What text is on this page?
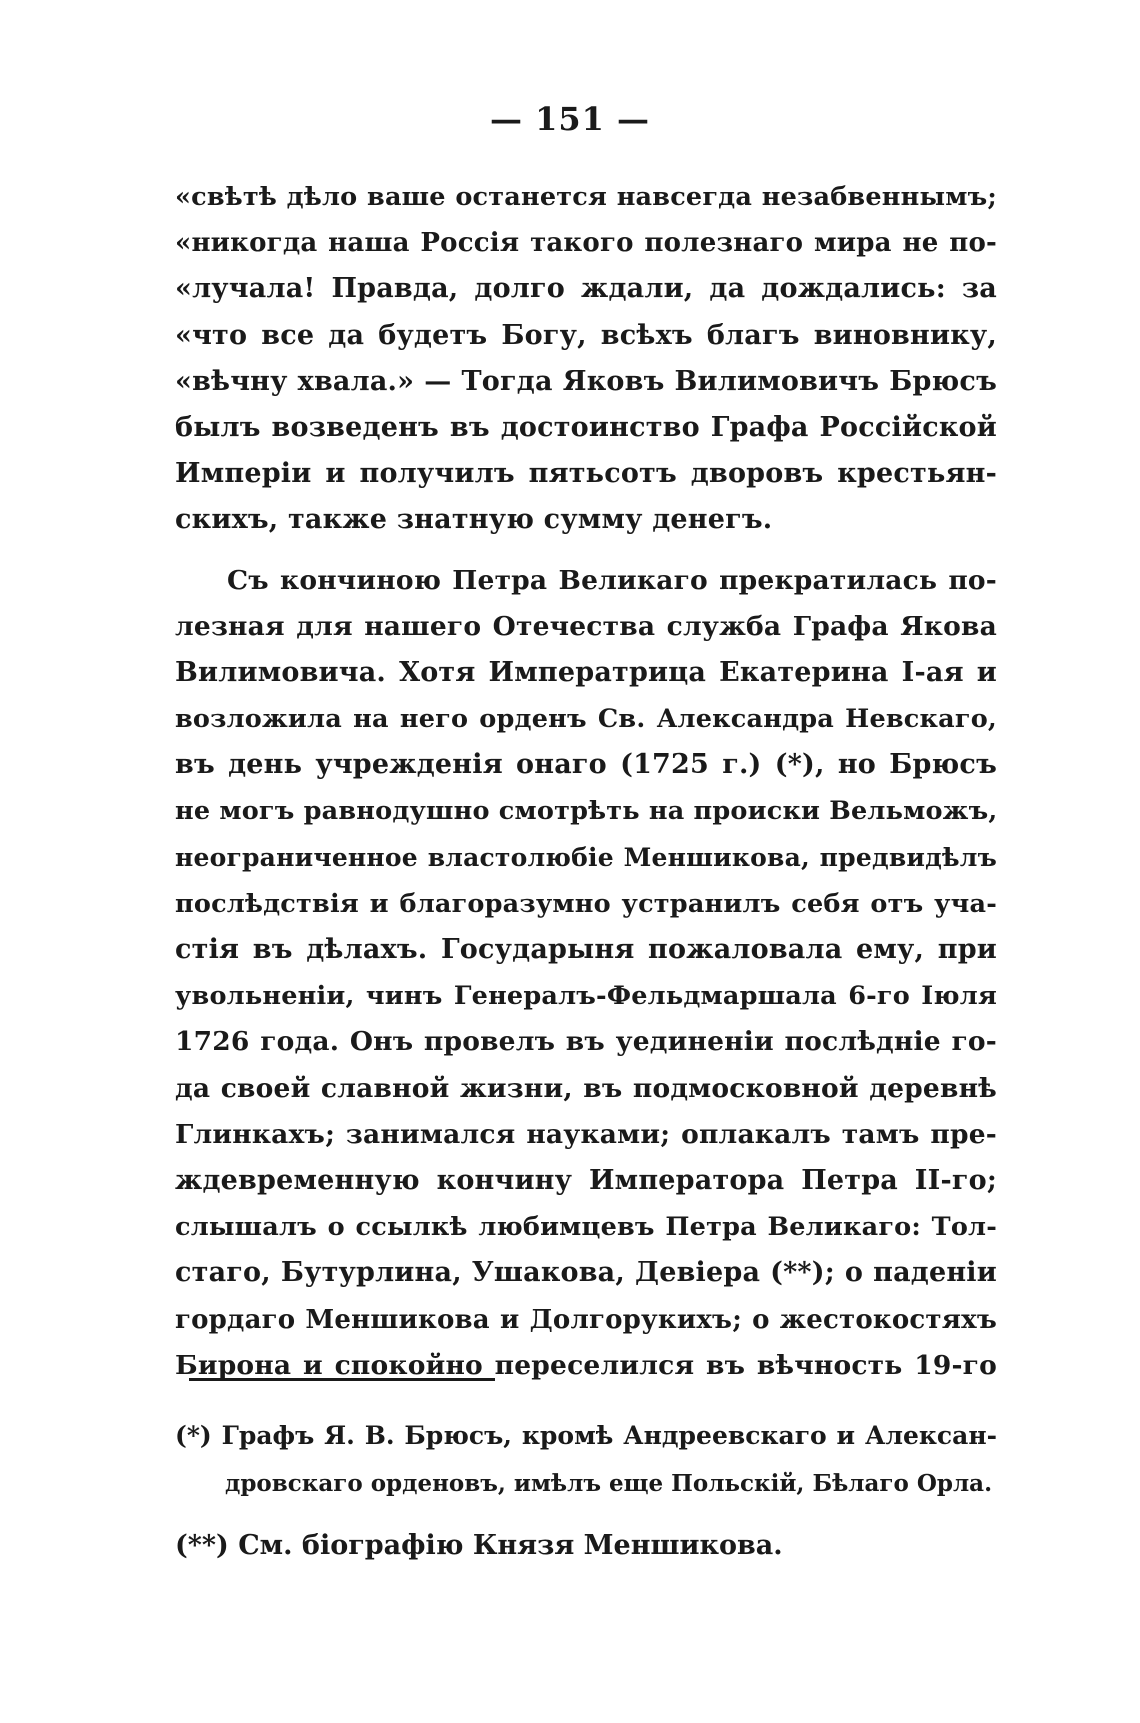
— 151 —
«свѣтѣ дѣло ваше останется навсегда незабвеннымъ;
«никогда наша Россія такого полезнаго мира не по-
«лучала! Правда, долго ждали, да дождались: за
«что все да будетъ Богу, всѣхъ благъ виновнику,
«вѣчну хвала.» — Тогда Яковъ Вилимовичъ Брюсъ
былъ возведенъ въ достоинство Графа Россійской
Имперіи и получилъ пятьсотъ дворовъ крестьян-
скихъ, также знатную сумму денегъ.
Съ кончиною Петра Великаго прекратилась по-
лезная для нашего Отечества служба Графа Якова
Вилимовича. Хотя Императрица Екатерина I-ая и
возложила на него орденъ Св. Александра Невскаго,
въ день учрежденія онаго (1725 г.) (*), но Брюсъ
не могъ равнодушно смотрѣть на происки Вельможъ,
неограниченное властолюбіе Меншикова, предвидѣлъ
послѣдствія и благоразумно устранилъ себя отъ уча-
стія въ дѣлахъ. Государыня пожаловала ему, при
увольненіи, чинъ Генералъ-Фельдмаршала 6-го Іюля
1726 года. Онъ провелъ въ уединеніи послѣдніе го-
да своей славной жизни, въ подмосковной деревнѣ
Глинкахъ; занимался науками; оплакалъ тамъ пре-
ждевременную кончину Императора Петра II-го;
слышалъ о ссылкѣ любимцевъ Петра Великаго: Тол-
стаго, Бутурлина, Ушакова, Девіера (**); о паденіи
гордаго Меншикова и Долгорукихъ; о жестокостяхъ
Бирона и спокойно переселился въ вѣчность 19-го
(*) Графъ Я. В. Брюсъ, кромѣ Андреевскаго и Алексан-
дровскаго орденовъ, имѣлъ еще Польскій, Бѣлаго Орла.
(**) См. біографію Князя Меншикова.
